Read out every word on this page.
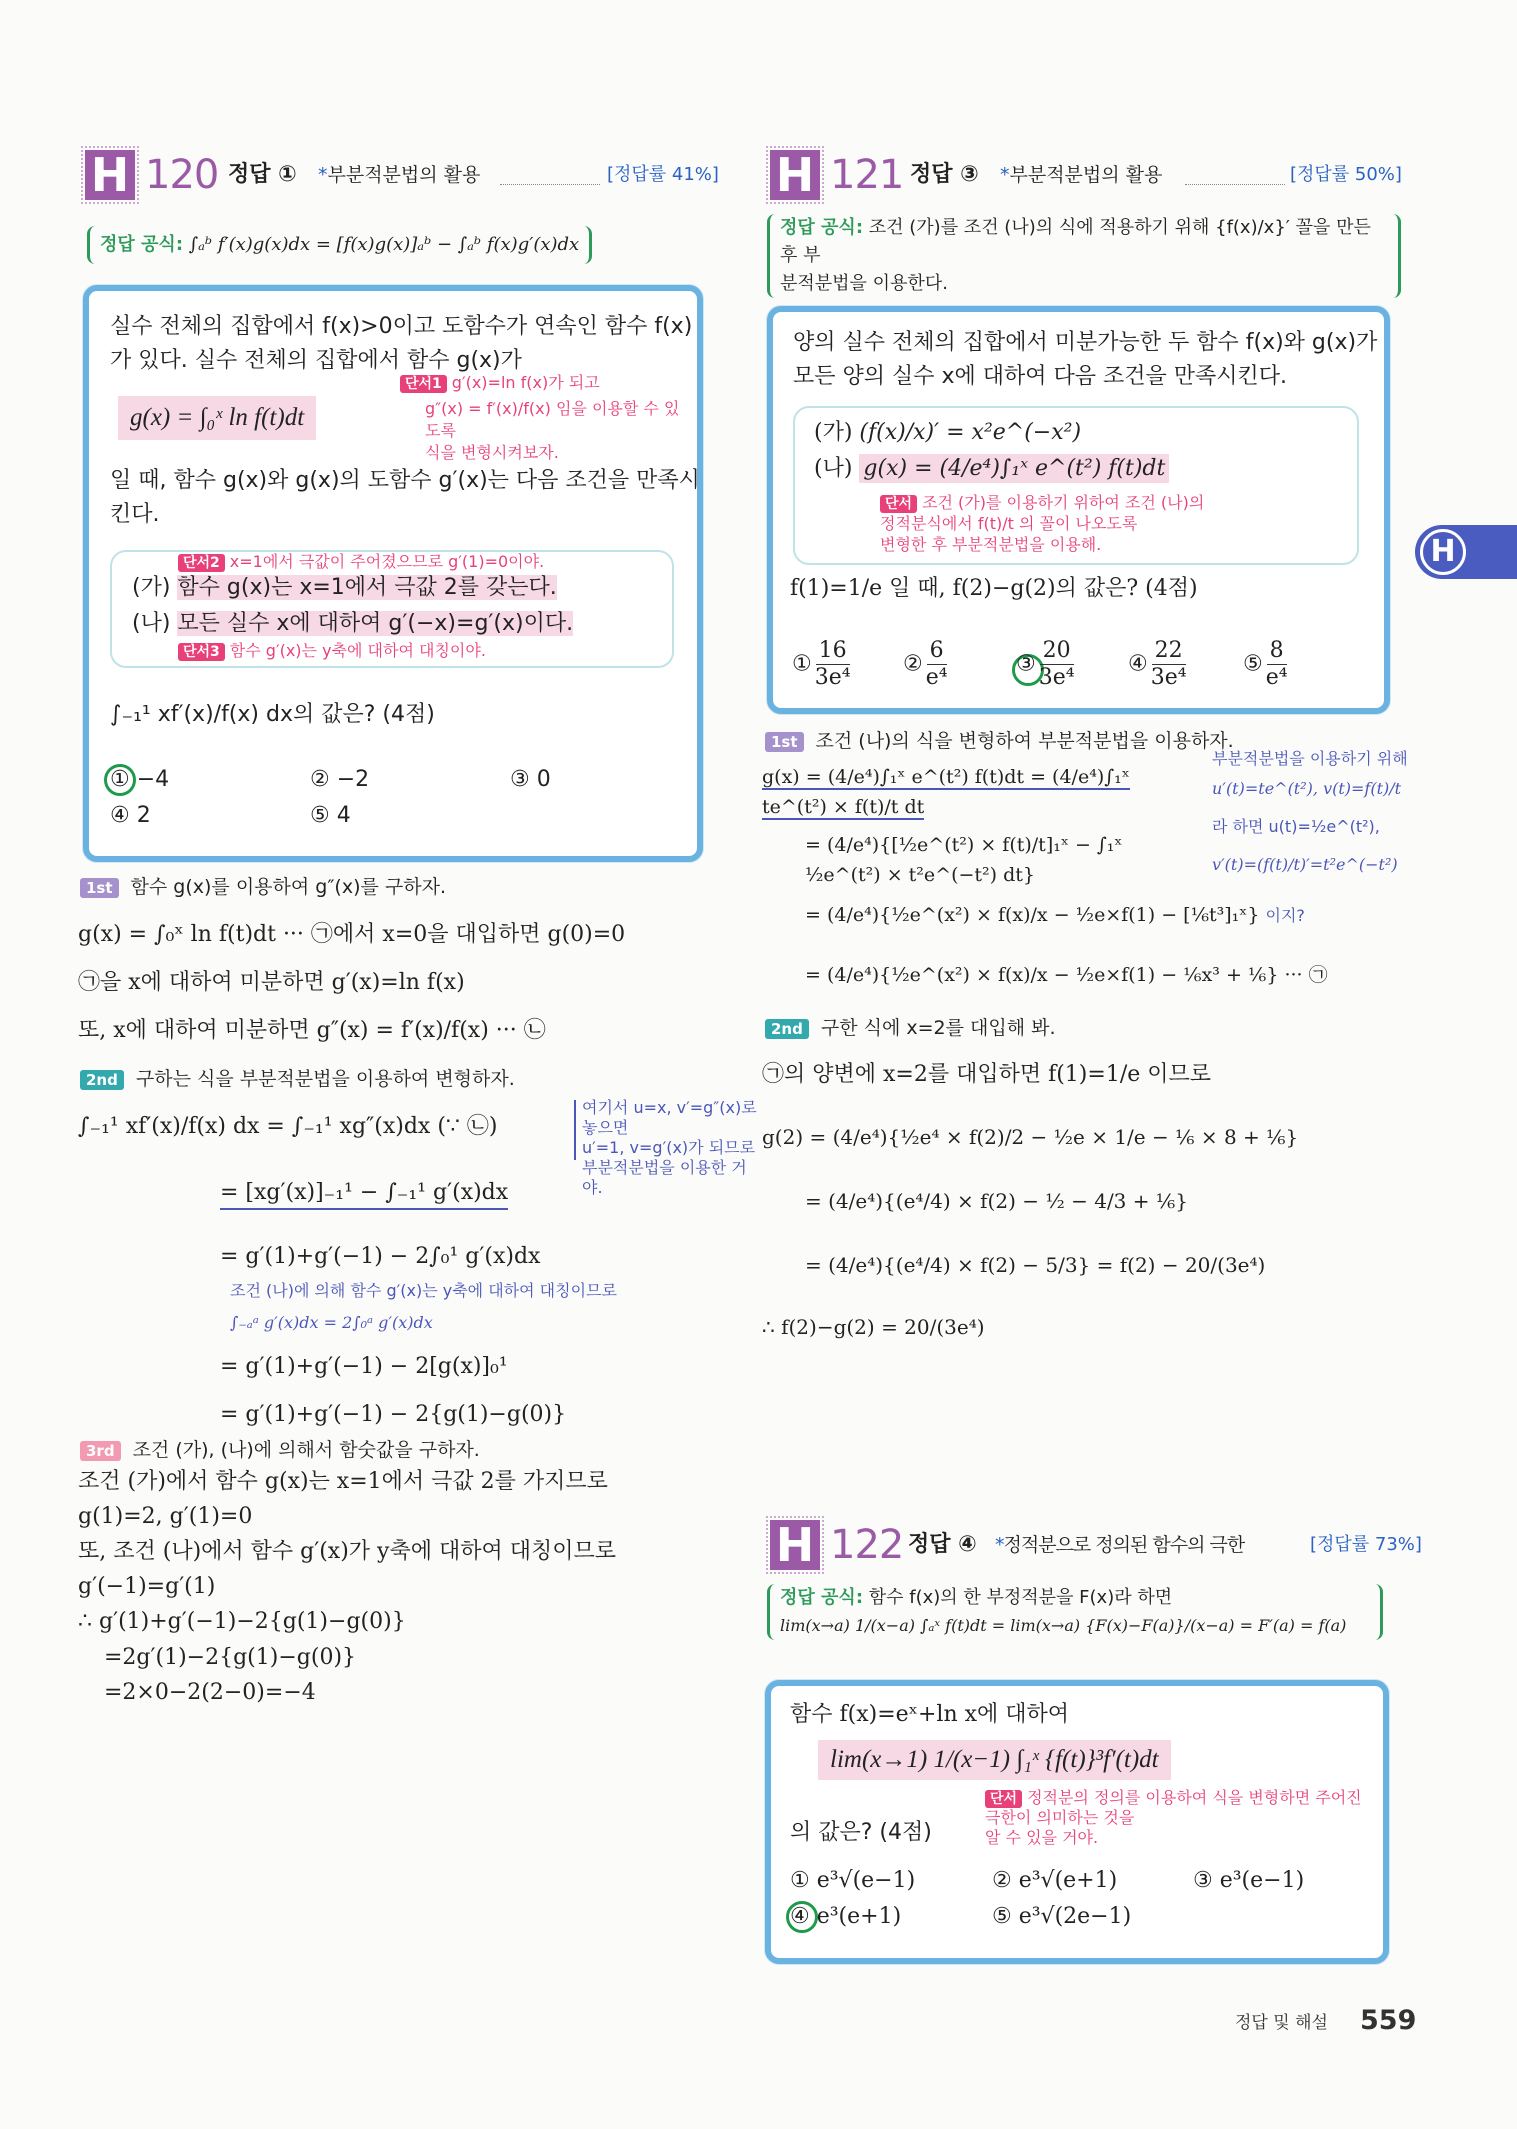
H 120 정답 ① *부분적분법의 활용	[정답률 41%]
정답 공식: ∫ₐᵇ f′(x)g(x)dx = [f(x)g(x)]ₐᵇ − ∫ₐᵇ f(x)g′(x)dx
실수 전체의 집합에서 f(x)>0이고 도함수가 연속인 함수 f(x)
가 있다. 실수 전체의 집합에서 함수 g(x)가
g(x) = ∫₀ˣ ln f(t)dt
단서1 g′(x)=ln f(x)가 되고
g″(x) = f′(x)/f(x) 임을 이용할 수 있도록
식을 변형시켜보자.
일 때, 함수 g(x)와 g(x)의 도함수 g′(x)는 다음 조건을 만족시
킨다.
단서2 x=1에서 극값이 주어졌으므로 g′(1)=0이야.
(가) 함수 g(x)는 x=1에서 극값 2를 갖는다.
(나) 모든 실수 x에 대하여 g′(−x)=g′(x)이다.
단서3 함수 g′(x)는 y축에 대하여 대칭이야.
∫₋₁¹ xf′(x)/f(x) dx의 값은? (4점)
① −4	② −2	③ 0
④ 2	⑤ 4
1st 함수 g(x)를 이용하여 g″(x)를 구하자.
g(x) = ∫₀ˣ ln f(t)dt ··· ㉠에서 x=0을 대입하면 g(0)=0
㉠을 x에 대하여 미분하면 g′(x)=ln f(x)
또, x에 대하여 미분하면 g″(x) = f′(x)/f(x) ··· ㉡
2nd 구하는 식을 부분적분법을 이용하여 변형하자.
∫₋₁¹ xf′(x)/f(x) dx = ∫₋₁¹ xg″(x)dx (∵ ㉡)
여기서 u=x, v′=g″(x)로 놓으면
u′=1, v=g′(x)가 되므로
부분적분법을 이용한 거야.
= [xg′(x)]₋₁¹ − ∫₋₁¹ g′(x)dx
= g′(1)+g′(−1) − 2∫₀¹ g′(x)dx
조건 (나)에 의해 함수 g′(x)는 y축에 대하여 대칭이므로
∫₋ₐᵃ g′(x)dx = 2∫₀ᵃ g′(x)dx
= g′(1)+g′(−1) − 2[g(x)]₀¹
= g′(1)+g′(−1) − 2{g(1)−g(0)}
3rd 조건 (가), (나)에 의해서 함숫값을 구하자.
조건 (가)에서 함수 g(x)는 x=1에서 극값 2를 가지므로
g(1)=2, g′(1)=0
또, 조건 (나)에서 함수 g′(x)가 y축에 대하여 대칭이므로
g′(−1)=g′(1)
∴ g′(1)+g′(−1)−2{g(1)−g(0)}
=2g′(1)−2{g(1)−g(0)}
=2×0−2(2−0)=−4
H 121 정답 ③ *부분적분법의 활용	[정답률 50%]
정답 공식: 조건 (가)를 조건 (나)의 식에 적용하기 위해 {f(x)/x}′ 꼴을 만든 후 부
분적분법을 이용한다.
양의 실수 전체의 집합에서 미분가능한 두 함수 f(x)와 g(x)가
모든 양의 실수 x에 대하여 다음 조건을 만족시킨다.
(가) (f(x)/x)′ = x²e^(−x²)
(나) g(x) = (4/e⁴)∫₁ˣ e^(t²) f(t)dt
단서 조건 (가)를 이용하기 위하여 조건 (나)의
정적분식에서 f(t)/t 의 꼴이 나오도록
변형한 후 부분적분법을 이용해.
f(1)=1/e 일 때, f(2)−g(2)의 값은? (4점)
① $\frac{16}{\text{3e⁴}}$ ② $\frac{6}{\text{e⁴}}$	③ $\frac{20}{\text{3e⁴}}$ ④ $\frac{22}{\text{3e⁴}}$	⑤ $\frac{8}{\text{e⁴}}$
1st 조건 (나)의 식을 변형하여 부분적분법을 이용하자.
g(x) = (4/e⁴)∫₁ˣ e^(t²) f(t)dt = (4/e⁴)∫₁ˣ te^(t²) × f(t)/t dt
부분적분법을 이용하기 위해
u′(t)=te^(t²), v(t)=f(t)/t
라 하면 u(t)=½e^(t²),
v′(t)=(f(t)/t)′=t²e^(−t²)
= (4/e⁴){[½e^(t²) × f(t)/t]₁ˣ − ∫₁ˣ ½e^(t²) × t²e^(−t²) dt}
= (4/e⁴){½e^(x²) × f(x)/x − ½e×f(1) − [⅙t³]₁ˣ} 이지?
= (4/e⁴){½e^(x²) × f(x)/x − ½e×f(1) − ⅙x³ + ⅙} ··· ㉠
2nd 구한 식에 x=2를 대입해 봐.
㉠의 양변에 x=2를 대입하면 f(1)=1/e 이므로
g(2) = (4/e⁴){½e⁴ × f(2)/2 − ½e × 1/e − ⅙ × 8 + ⅙}
= (4/e⁴){(e⁴/4) × f(2) − ½ − 4/3 + ⅙}
= (4/e⁴){(e⁴/4) × f(2) − 5/3} = f(2) − 20/(3e⁴)
∴ f(2)−g(2) = 20/(3e⁴)
H 122 정답 ④ *정적분으로 정의된 함수의 극한	[정답률 73%]
정답 공식: 함수 f(x)의 한 부정적분을 F(x)라 하면
lim(x→a) 1/(x−a) ∫ₐˣ f(t)dt = lim(x→a) {F(x)−F(a)}/(x−a) = F′(a) = f(a)
함수 f(x)=eˣ+ln x에 대하여
lim(x→1) 1/(x−1) ∫₁ˣ {f(t)}³f′(t)dt
단서 정적분의 정의를 이용하여 식을 변형하면 주어진 극한이 의미하는 것을
알 수 있을 거야.
의 값은? (4점)
① e³√(e−1)	② e³√(e+1)	③ e³(e−1)
④ e³(e+1)	⑤ e³√(2e−1)
H
정답 및 해설 559
